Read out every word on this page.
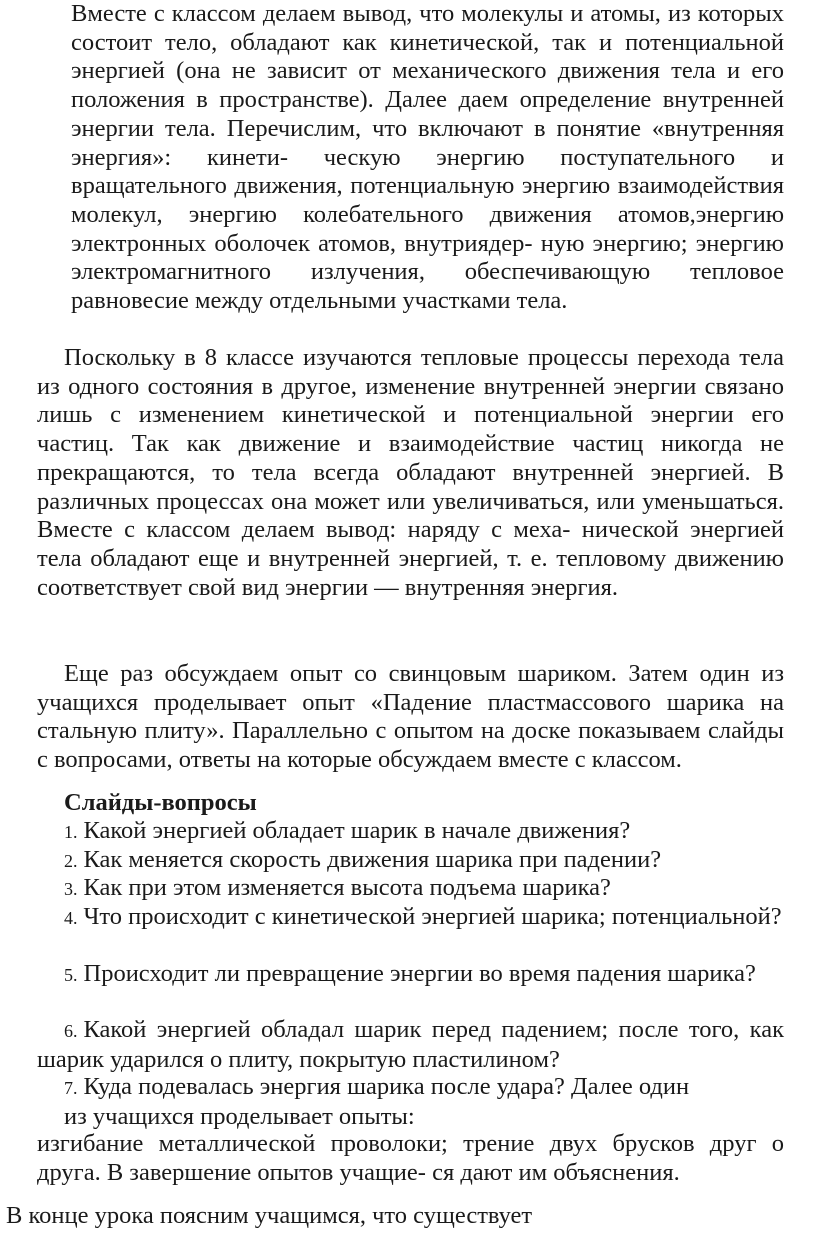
Вместе с классом делаем вывод, что молекулы и атомы, из которых состоит тело, обладают как кинетической, так и потенциальной энергией (она не зависит от механического движения тела и его положения в пространстве). Далее даем определение внутренней энергии тела. Перечислим, что включают в понятие «внутренняя энергия»: кинети- ческую энергию поступательного и вращательного движения, потенциальную энергию взаимодействия молекул, энергию колебательного движения атомов,энергию электронных оболочек атомов, внутриядер- ную энергию; энергию электромагнитного излучения, обеспечивающую тепловое равновесие между отдельными участками тела.

Поскольку в 8 классе изучаются тепловые процессы перехода тела из одного состояния в другое, изменение внутренней энергии связано лишь с изменением кинетической и потенциальной энергии его частиц. Так как движение и взаимодействие частиц никогда не прекращаются, то тела всегда обладают внутренней энергией. В различных процессах она может или увеличиваться, или уменьшаться. Вместе с классом делаем вывод: наряду с меха- нической энергией тела обладают еще и внутренней энергией, т. е. тепловому движению соответствует свой вид энергии — внутренняя энергия.

Еще раз обсуждаем опыт со свинцовым шариком. Затем один из учащихся проделывает опыт «Падение пластмассового шарика на стальную плиту». Параллельно с опытом на доске показываем слайды с вопросами, ответы на которые обсуждаем вместе с классом.

Слайды-вопросы

1. Какой энергией обладает шарик в начале движения?

2. Как меняется скорость движения шарика при падении?

3. Как при этом изменяется высота подъема шарика?

4. Что происходит с кинетической энергией шарика; потенциальной?

5. Происходит ли превращение энергии во время падения шарика?

6. Какой энергией обладал шарик перед падением; после того, как шарик ударился о плиту, покрытую пластилином?

7. Куда подевалась энергия шарика после удара? Далее один
из учащихся проделывает опыты:

изгибание металлической проволоки; трение двух брусков друг о друга. В завершение опытов учащие- ся дают им объяснения.

В конце урока поясним учащимся, что существует
